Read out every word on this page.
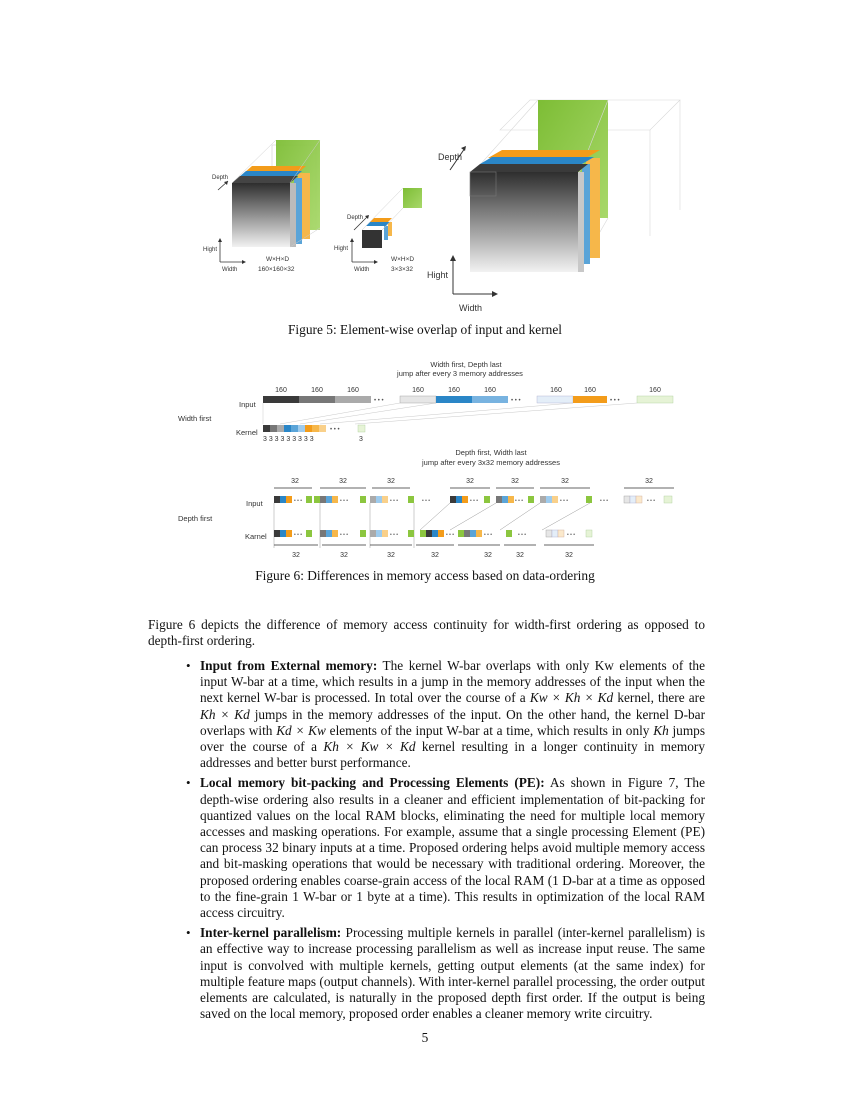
Depth
Hight
Width
W×H×D
160×160×32
Depth
Hight
Width
W×H×D
3×3×32
Depth
Hight
Width
Figure 5: Element-wise overlap of input and kernel
Width first, Depth last
jump after every 3 memory addresses
Width first
Input
Kernel
160	160	160	160	160	160	160	160	160
• • •	• • •	• • •
• • •
3 3 3 3 3 3 3 3 3	3
Depth first, Width last
jump after every 3x32 memory addresses
Depth first
Input
Karnel
32	32	32	32	32	32	32
• • •	• • •	• • •	• • •	• • •	• • •	• • •	• • •	• • •
• • •	• • •	• • •	• • •	• • •	• • •	• • •
32	32	32	32	32	32	32
Figure 6: Differences in memory access based on data-ordering
Figure 6 depicts the difference of memory access continuity for width-first ordering as opposed to depth-first ordering.
• Input from External memory: The kernel W-bar overlaps with only Kw elements of the input W-bar at a time, which results in a jump in the memory addresses of the input when the next kernel W-bar is processed. In total over the course of a Kw × Kh × Kd kernel, there are Kh × Kd jumps in the memory addresses of the input. On the other hand, the kernel D-bar overlaps with Kd × Kw elements of the input W-bar at a time, which results in only Kh jumps over the course of a Kh × Kw × Kd kernel resulting in a longer continuity in memory addresses and better burst performance.
• Local memory bit-packing and Processing Elements (PE): As shown in Figure 7, The depth-wise ordering also results in a cleaner and efficient implementation of bit-packing for quantized values on the local RAM blocks, eliminating the need for multiple local memory accesses and masking operations. For example, assume that a single processing Element (PE) can process 32 binary inputs at a time. Proposed ordering helps avoid multiple memory access and bit-masking operations that would be necessary with traditional ordering. Moreover, the proposed ordering enables coarse-grain access of the local RAM (1 D-bar at a time as opposed to the fine-grain 1 W-bar or 1 byte at a time). This results in optimization of the local RAM access circuitry.
• Inter-kernel parallelism: Processing multiple kernels in parallel (inter-kernel parallelism) is an effective way to increase processing parallelism as well as increase input reuse. The same input is convolved with multiple kernels, getting output elements (at the same index) for multiple feature maps (output channels). With inter-kernel parallel processing, the order output elements are calculated, is naturally in the proposed depth first order. If the output is being saved on the local memory, proposed order enables a cleaner memory write circuitry.
5
